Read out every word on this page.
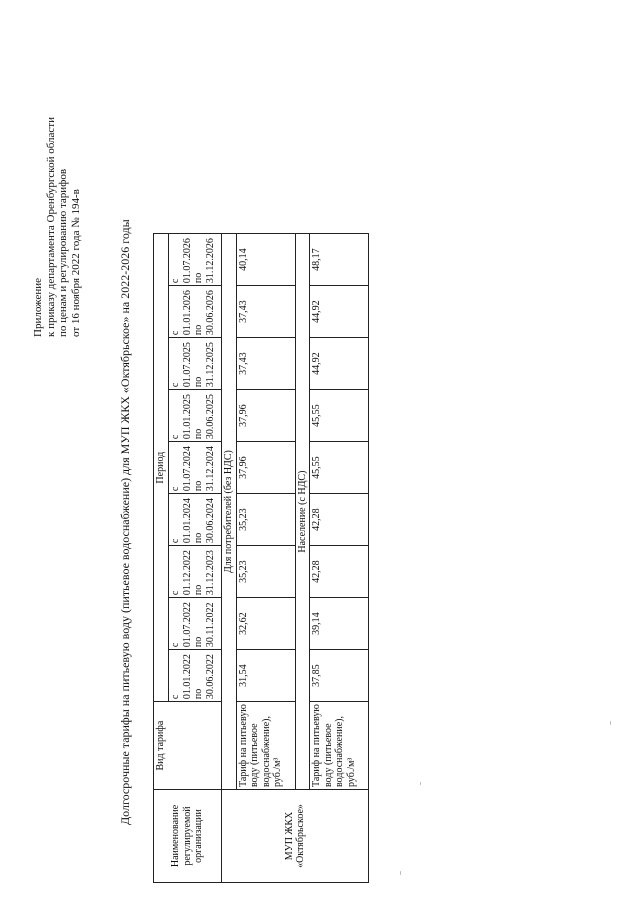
Приложение к приказу департамента Оренбургской области по ценам и регулированию тарифов от 16 ноября 2022 года № 194-в	Долгосрочные тарифы на питьевую воду (питьевое водоснабжение) для МУП ЖКХ «Октябрьское» на 2022-2026 годы
Наименование регулируемой организации	Вид тарифа	Период								

		с 01.01.2022 по 30.06.2022	с 01.07.2022 по 30.11.2022	с 01.12.2022 по 31.12.2023	с 01.01.2024 по 30.06.2024	с 01.07.2024 по 31.12.2024	с 01.01.2025 по 30.06.2025	с 01.07.2025 по 31.12.2025	с 01.01.2026 по 30.06.2026	с 01.07.2026 по 31.12.2026

МУП ЖКХ «Октябрьское»	Для потребителей (без НДС)									

	Тариф на питьевую воду (питьевое водоснабжение), руб./м³	31,54	32,62	35,23	35,23	37,96	37,96	37,43	37,43	40,14
	Население (с НДС)									

	Тариф на питьевую воду (питьевое водоснабжение), руб./м³	37,85	39,14	42,28	42,28	45,55	45,55	44,92	44,92	48,17
